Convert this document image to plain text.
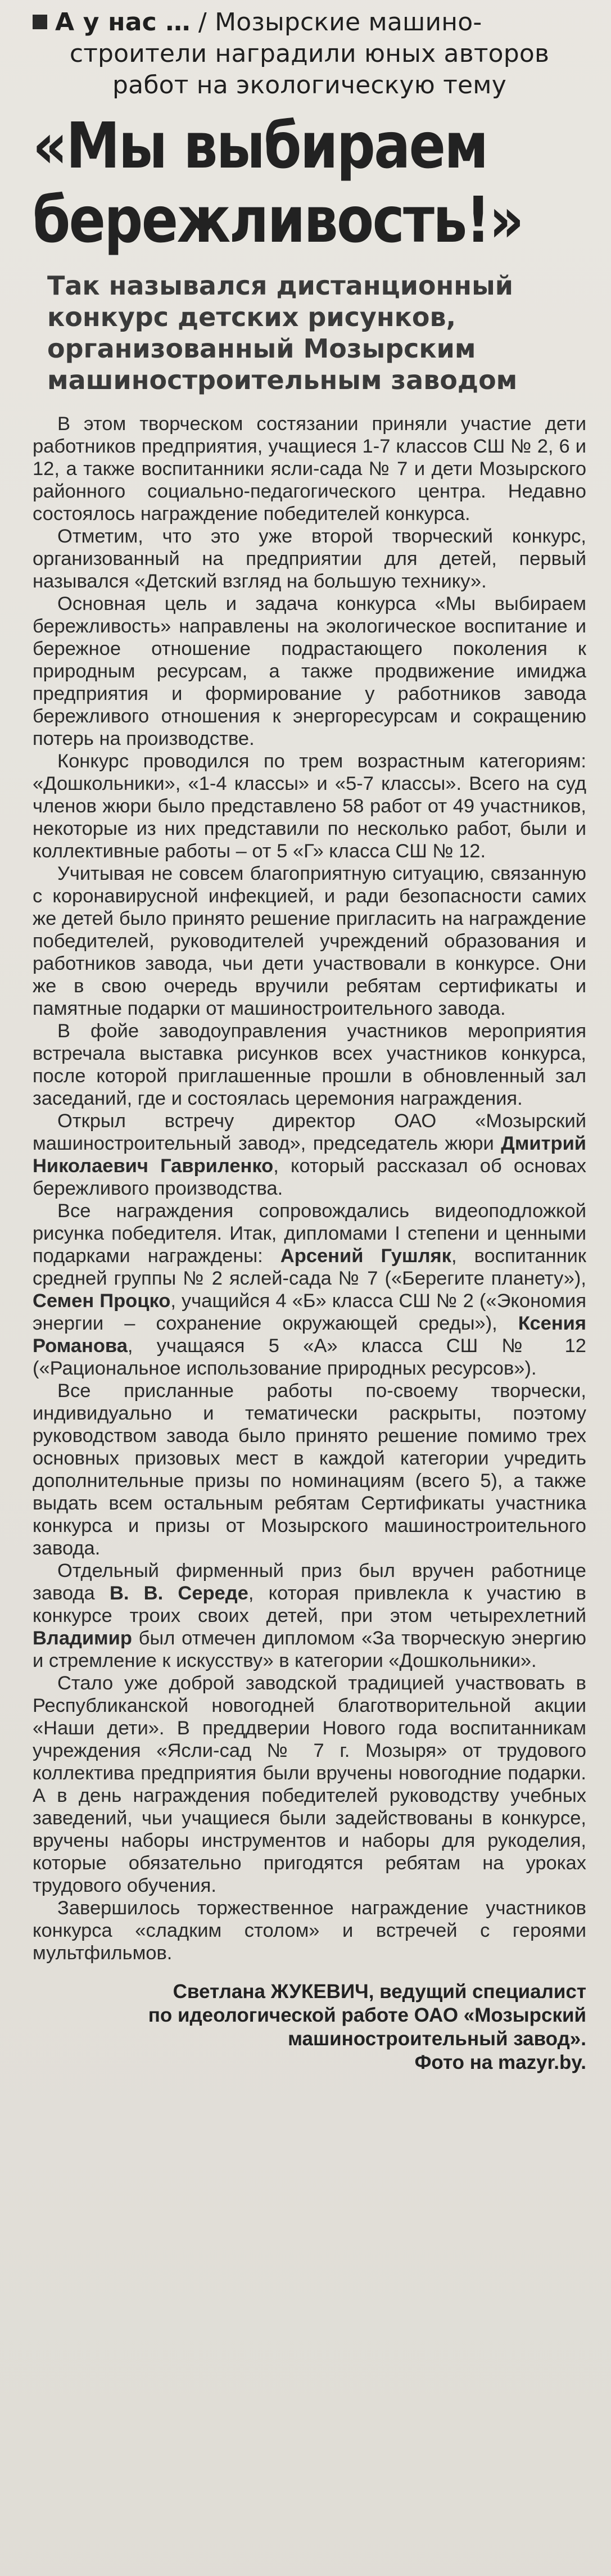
А у нас … / Мозырские машино-
строители наградили юных авторов работ на экологическую тему
«Мы выбираем
бережливость!»
Так назывался дистанционный конкурс детских рисунков, организованный Мозырским машиностроительным заводом

В этом творческом состязании приняли участие дети работников предприятия, учащиеся 1-7 классов СШ № 2, 6 и 12, а также воспитанники ясли-сада № 7 и дети Мозырского районного социально-педагогического центра. Недавно состоялось награждение победителей конкурса.

Отметим, что это уже второй творческий конкурс, организованный на предприятии для детей, первый назывался «Детский взгляд на большую технику».

Основная цель и задача конкурса «Мы выбираем бережливость» направлены на экологическое воспитание и бережное отношение подрастающего поколения к природным ресурсам, а также продвижение имиджа предприятия и формирование у работников завода бережливого отношения к энергоресурсам и сокращению потерь на производстве.

Конкурс проводился по трем возрастным категориям: «Дошкольники», «1-4 классы» и «5-7 классы». Всего на суд членов жюри было представлено 58 работ от 49 участников, некоторые из них представили по несколько работ, были и коллективные работы – от 5 «Г» класса СШ № 12.

Учитывая не совсем благоприятную ситуацию, связанную с коронавирусной инфекцией, и ради безопасности самих же детей было принято решение пригласить на награждение победителей, руководителей учреждений образования и работников завода, чьи дети участвовали в конкурсе. Они же в свою очередь вручили ребятам сертификаты и памятные подарки от машиностроительного завода.

В фойе заводоуправления участников мероприятия встречала выставка рисунков всех участников конкурса, после которой приглашенные прошли в обновленный зал заседаний, где и состоялась церемония награждения.

Открыл встречу директор ОАО «Мозырский машиностроительный завод», председатель жюри Дмитрий Николаевич Гавриленко, который рассказал об основах бережливого производства.

Все награждения сопровождались видеоподложкой рисунка победителя. Итак, дипломами I степени и ценными подарками награждены: Арсений Гушляк, воспитанник средней группы № 2 яслей-сада № 7 («Берегите планету»), Семен Процко, учащийся 4 «Б» класса СШ № 2 («Экономия энергии – сохранение окружающей среды»), Ксения Романова, учащаяся 5 «А» класса СШ № 12 («Рациональное использование природных ресурсов»).

Все присланные работы по-своему творчески, индивидуально и тематически раскрыты, поэтому руководством завода было принято решение помимо трех основных призовых мест в каждой категории учредить дополнительные призы по номинациям (всего 5), а также выдать всем остальным ребятам Сертификаты участника конкурса и призы от Мозырского машиностроительного завода.

Отдельный фирменный приз был вручен работнице завода В. В. Середе, которая привлекла к участию в конкурсе троих своих детей, при этом четырехлетний Владимир был отмечен дипломом «За творческую энергию и стремление к искусству» в категории «Дошкольники».

Стало уже доброй заводской традицией участвовать в Республиканской новогодней благотворительной акции «Наши дети». В преддверии Нового года воспитанникам учреждения «Ясли-сад № 7 г. Мозыря» от трудового коллектива предприятия были вручены новогодние подарки. А в день награждения победителей руководству учебных заведений, чьи учащиеся были задействованы в конкурсе, вручены наборы инструментов и наборы для рукоделия, которые обязательно пригодятся ребятам на уроках трудового обучения.

Завершилось торжественное награждение участников конкурса «сладким столом» и встречей с героями мультфильмов.

Светлана ЖУКЕВИЧ, ведущий специалист
по идеологической работе ОАО «Мозырский
машиностроительный завод».
Фото на mazyr.by.
